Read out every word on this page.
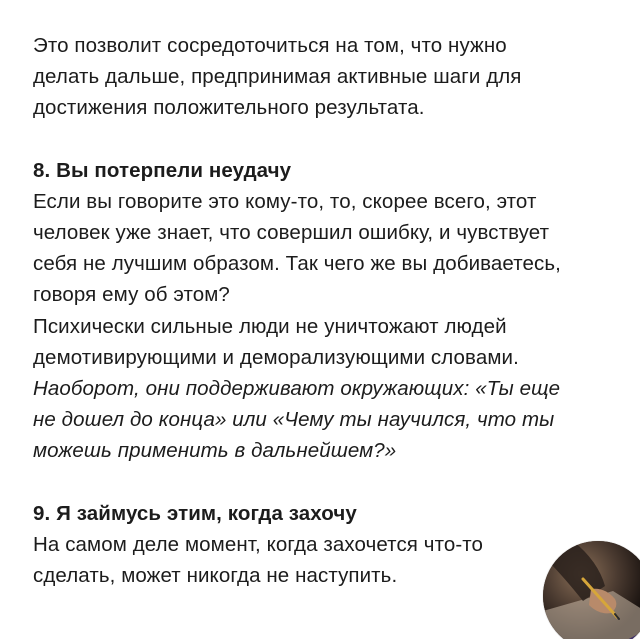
Это позволит сосредоточиться на том, что нужно
делать дальше, предпринимая активные шаги для
достижения положительного результата.

8. Вы потерпели неудачу
Если вы говорите это кому-то, то, скорее всего, этот
человек уже знает, что совершил ошибку, и чувствует
себя не лучшим образом. Так чего же вы добиваетесь,
говоря ему об этом?
Психически сильные люди не уничтожают людей
демотивирующими и деморализующими словами.
Наоборот, они поддерживают окружающих: «Ты еще
не дошел до конца» или «Чему ты научился, что ты
можешь применить в дальнейшем?»
9. Я займусь этим, когда захочу
На самом деле момент, когда захочется что-то
сделать, может никогда не наступить.
